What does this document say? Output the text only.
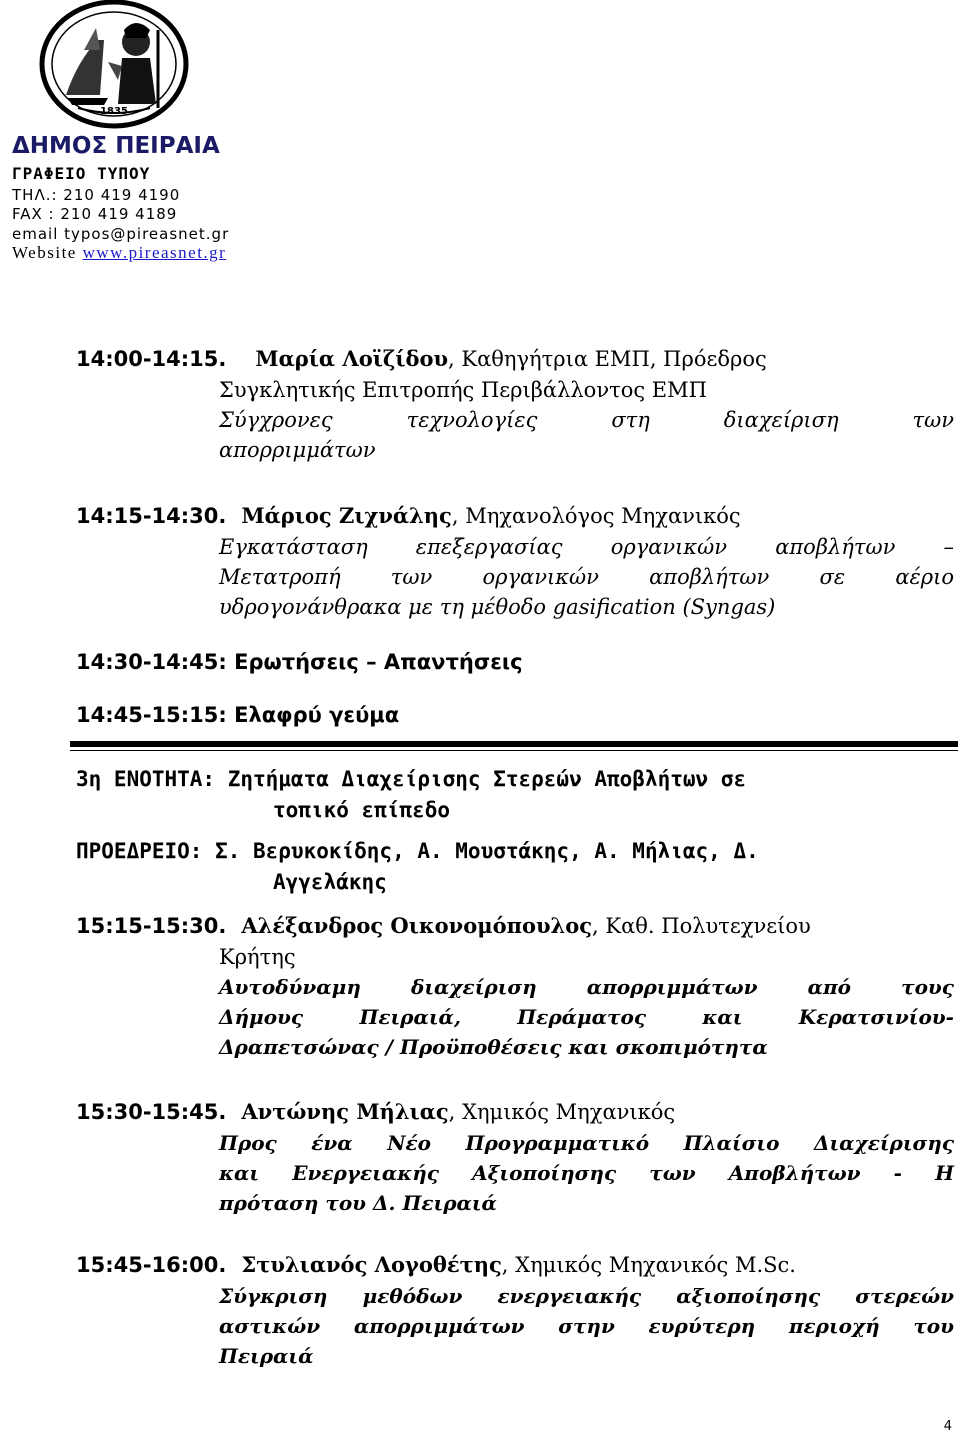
1835
ΔΗΜΟΣ ΠΕΙΡΑΙΑ
ΓΡΑΦΕΙΟ ΤΥΠΟΥ
ΤΗΛ.: 210 419 4190
FAX : 210 419 4189
email typos@pireasnet.gr
Website www.pireasnet.gr
14:00-14:15. Μαρία Λοϊζίδου, Καθηγήτρια ΕΜΠ, Πρόεδρος
Συγκλητικής Επιτροπής Περιβάλλοντος ΕΜΠ
Σύγχρονες τεχνολογίες στη διαχείριση των
απορριμμάτων
14:15-14:30. Μάριος Ζιχνάλης, Μηχανολόγος Μηχανικός
Εγκατάσταση επεξεργασίας οργανικών αποβλήτων –
Μετατροπή των οργανικών αποβλήτων σε αέριο
υδρογονάνθρακα με τη μέθοδο gasification (Syngas)
14:30-14:45: Ερωτήσεις – Απαντήσεις
14:45-15:15: Ελαφρύ γεύμα
3η ΕΝΟΤΗΤΑ: Ζητήματα Διαχείρισης Στερεών Αποβλήτων σε
τοπικό επίπεδο
ΠΡΟΕΔΡΕΙΟ: Σ. Βερυκοκίδης, Α. Μουστάκης, Α. Μήλιας, Δ.
Αγγελάκης
15:15-15:30. Αλέξανδρος Οικονομόπουλος, Καθ. Πολυτεχνείου
Κρήτης
Αυτοδύναμη διαχείριση απορριμμάτων από τους
Δήμους Πειραιά, Περάματος και Κερατσινίου-
Δραπετσώνας / Προϋποθέσεις και σκοπιμότητα
15:30-15:45. Αντώνης Μήλιας, Χημικός Μηχανικός
Προς ένα Νέο Προγραμματικό Πλαίσιο Διαχείρισης
και Ενεργειακής Αξιοποίησης των Αποβλήτων - Η
πρόταση του Δ. Πειραιά
15:45-16:00. Στυλιανός Λογοθέτης, Χημικός Μηχανικός M.Sc.
Σύγκριση μεθόδων ενεργειακής αξιοποίησης στερεών
αστικών απορριμμάτων στην ευρύτερη περιοχή του
Πειραιά
4
